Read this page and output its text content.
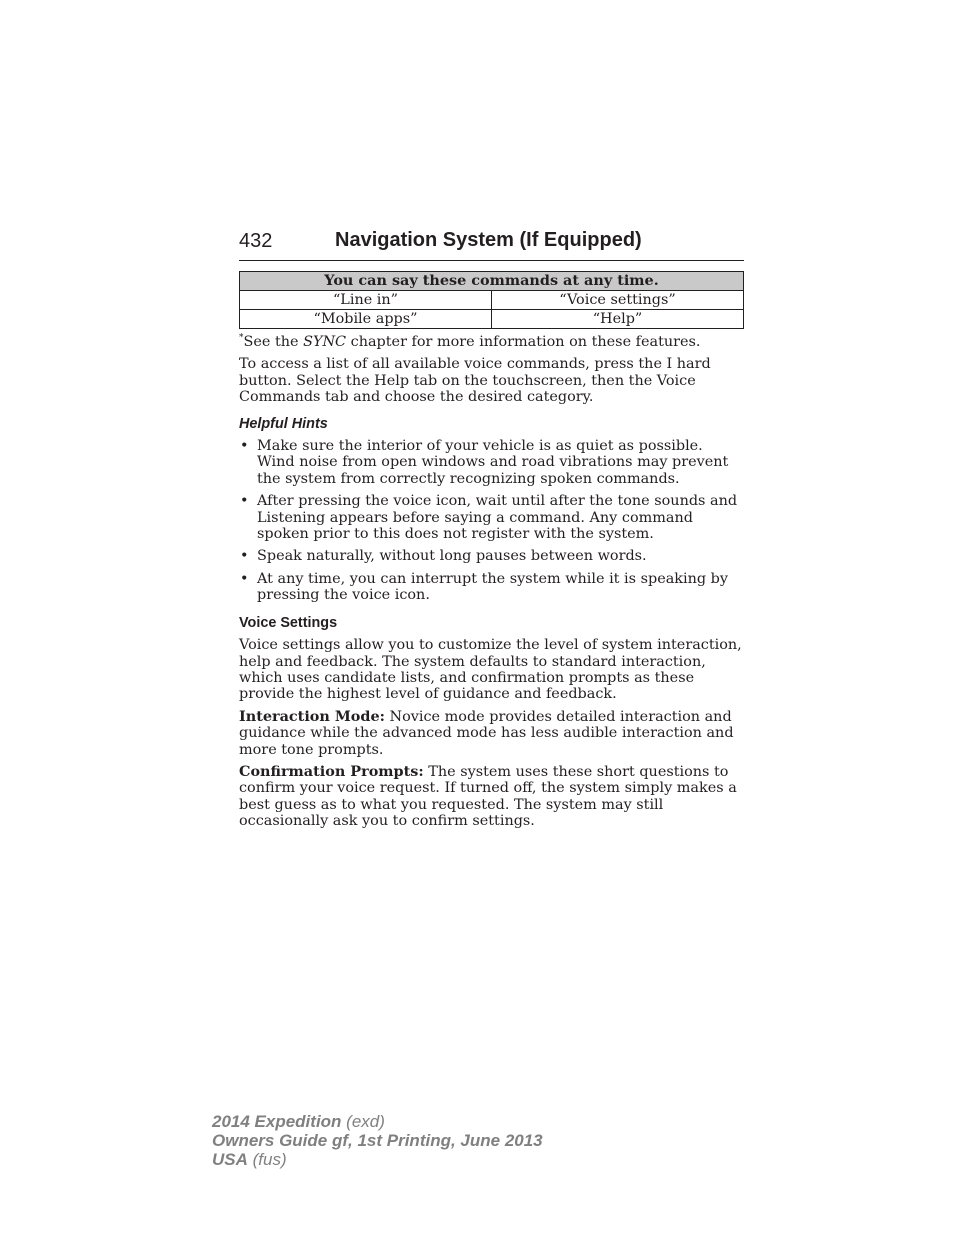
432	Navigation System (If Equipped)
You can say these commands at any time.	
“Line in”	“Voice settings”
“Mobile apps”	“Help”

*See the SYNC chapter for more information on these features.

To access a list of all available voice commands, press the I hard button. Select the Help tab on the touchscreen, then the Voice Commands tab and choose the desired category.

Helpful Hints

• Make sure the interior of your vehicle is as quiet as possible. Wind noise from open windows and road vibrations may prevent the system from correctly recognizing spoken commands.
• After pressing the voice icon, wait until after the tone sounds and Listening appears before saying a command. Any command spoken prior to this does not register with the system.
• Speak naturally, without long pauses between words.
• At any time, you can interrupt the system while it is speaking by pressing the voice icon.

Voice Settings

Voice settings allow you to customize the level of system interaction, help and feedback. The system defaults to standard interaction, which uses candidate lists, and confirmation prompts as these provide the highest level of guidance and feedback.

Interaction Mode: Novice mode provides detailed interaction and guidance while the advanced mode has less audible interaction and more tone prompts.

Confirmation Prompts: The system uses these short questions to confirm your voice request. If turned off, the system simply makes a best guess as to what you requested. The system may still occasionally ask you to confirm settings.

2014 Expedition (exd)
Owners Guide gf, 1st Printing, June 2013
USA (fus)
